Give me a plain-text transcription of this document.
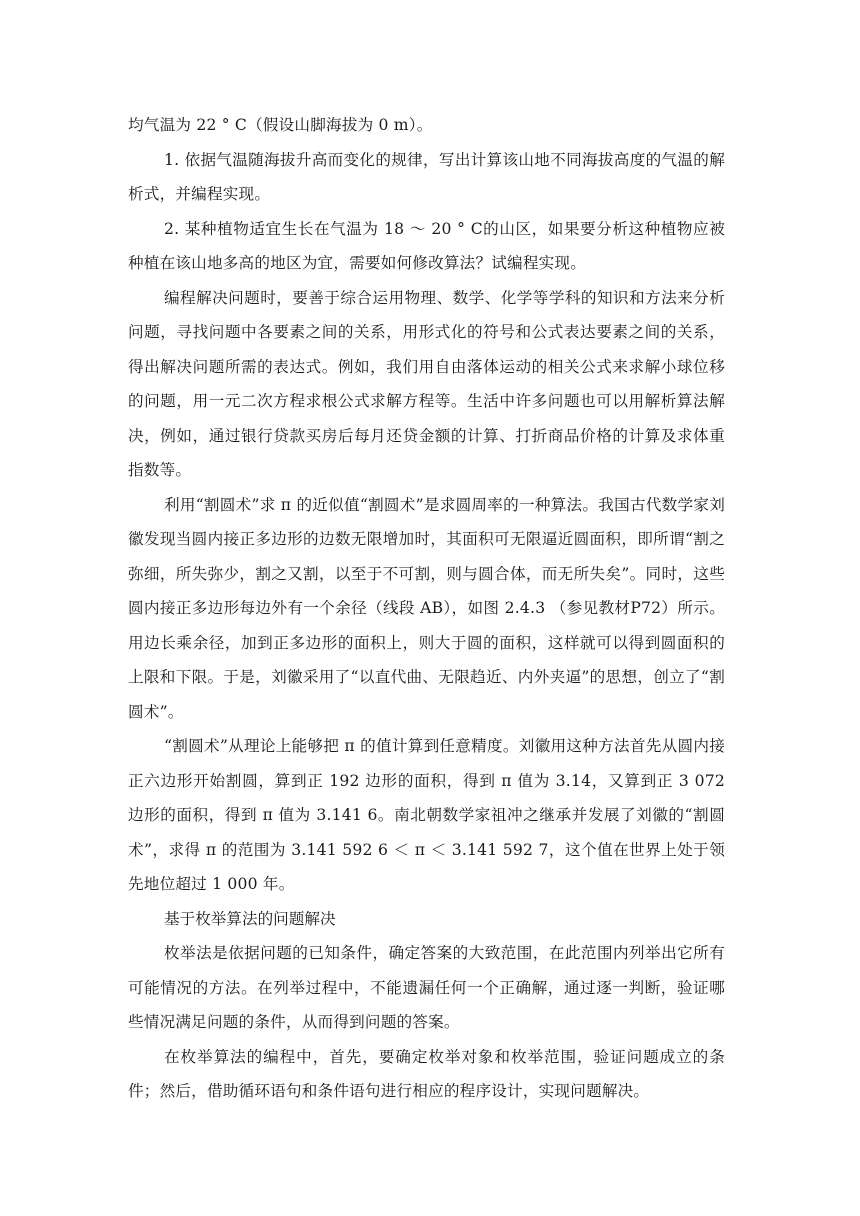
均气温为 22 ° C（假设山脚海拔为 0 m）。

1. 依据气温随海拔升高而变化的规律，写出计算该山地不同海拔高度的气温的解析式，并编程实现。

2. 某种植物适宜生长在气温为 18 ～ 20 ° C的山区，如果要分析这种植物应被种植在该山地多高的地区为宜，需要如何修改算法？试编程实现。

编程解决问题时，要善于综合运用物理、数学、化学等学科的知识和方法来分析问题，寻找问题中各要素之间的关系，用形式化的符号和公式表达要素之间的关系，得出解决问题所需的表达式。例如，我们用自由落体运动的相关公式来求解小球位移的问题，用一元二次方程求根公式求解方程等。生活中许多问题也可以用解析算法解决，例如，通过银行贷款买房后每月还贷金额的计算、打折商品价格的计算及求体重指数等。

利用“割圆术”求 π 的近似值“割圆术”是求圆周率的一种算法。我国古代数学家刘徽发现当圆内接正多边形的边数无限增加时，其面积可无限逼近圆面积，即所谓“割之弥细，所失弥少，割之又割，以至于不可割，则与圆合体，而无所失矣”。同时，这些圆内接正多边形每边外有一个余径（线段 AB），如图 2.4.3 （参见教材P72）所示。用边长乘余径，加到正多边形的面积上，则大于圆的面积，这样就可以得到圆面积的上限和下限。于是，刘徽采用了“以直代曲、无限趋近、内外夹逼”的思想，创立了“割圆术”。

“割圆术”从理论上能够把 π 的值计算到任意精度。刘徽用这种方法首先从圆内接正六边形开始割圆，算到正 192 边形的面积，得到 π 值为 3.14，又算到正 3 072 边形的面积，得到 π 值为 3.141 6。南北朝数学家祖冲之继承并发展了刘徽的“割圆术”，求得 π 的范围为 3.141 592 6 ＜ π ＜ 3.141 592 7，这个值在世界上处于领先地位超过 1 000 年。

基于枚举算法的问题解决

枚举法是依据问题的已知条件，确定答案的大致范围，在此范围内列举出它所有可能情况的方法。在列举过程中，不能遗漏任何一个正确解，通过逐一判断，验证哪些情况满足问题的条件，从而得到问题的答案。

在枚举算法的编程中，首先，要确定枚举对象和枚举范围，验证问题成立的条件；然后，借助循环语句和条件语句进行相应的程序设计，实现问题解决。
